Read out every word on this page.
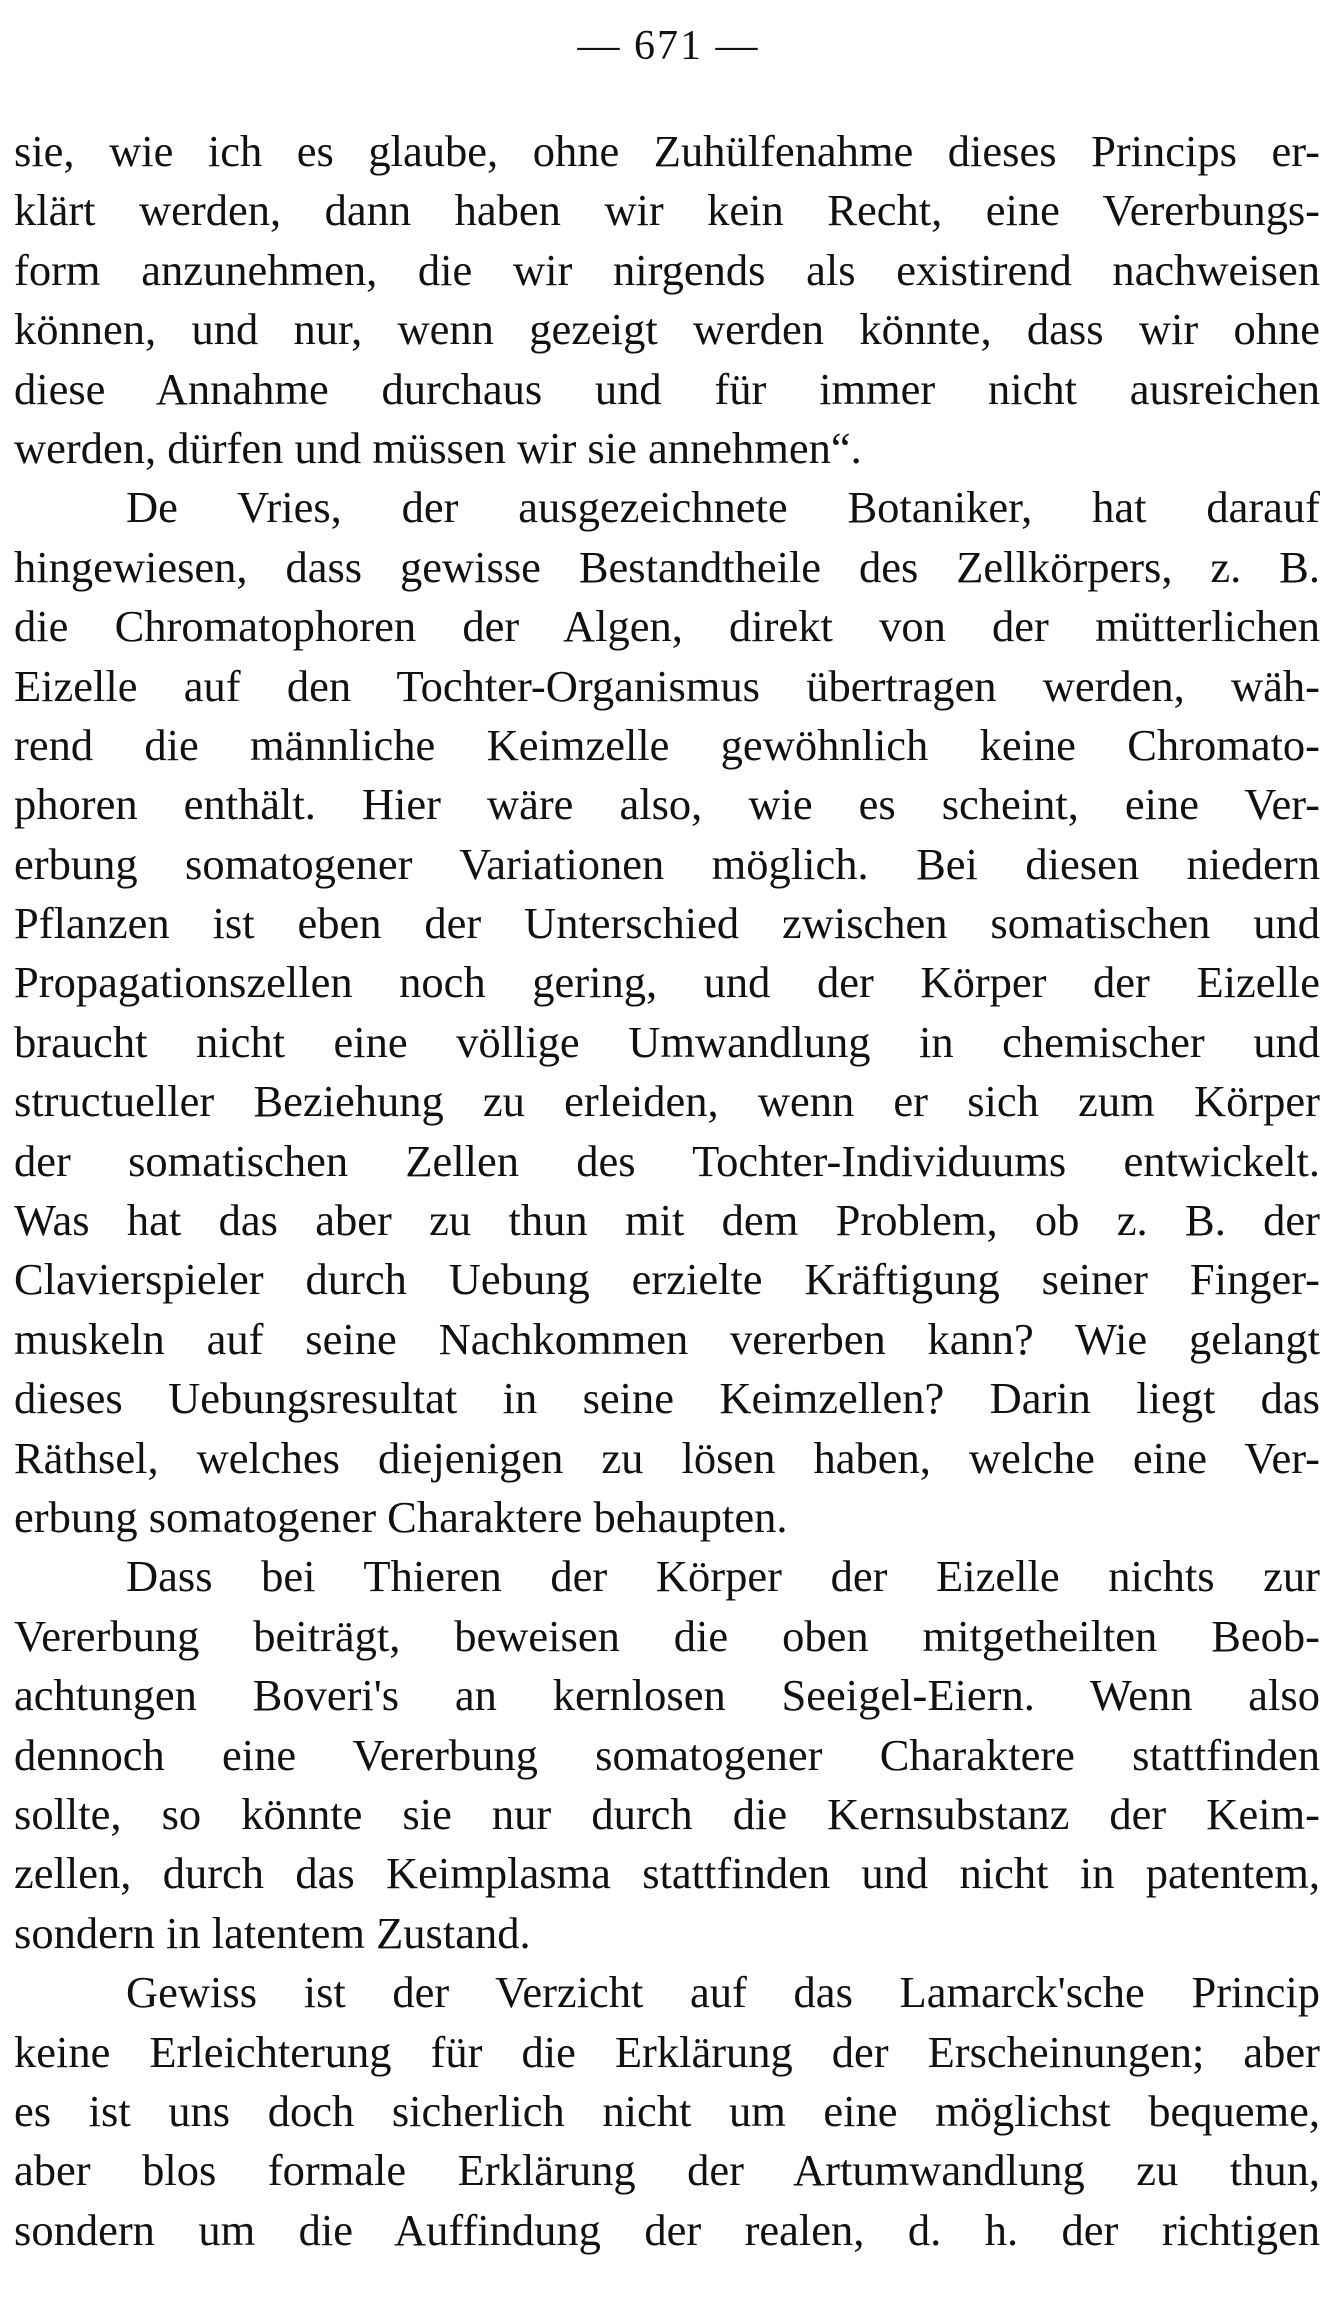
— 671 —
sie, wie ich es glaube, ohne Zuhülfenahme dieses Princips er-
klärt werden, dann haben wir kein Recht, eine Vererbungs-
form anzunehmen, die wir nirgends als existirend nachweisen
können, und nur, wenn gezeigt werden könnte, dass wir ohne
diese Annahme durchaus und für immer nicht ausreichen
werden, dürfen und müssen wir sie annehmen“.
De Vries, der ausgezeichnete Botaniker, hat darauf
hingewiesen, dass gewisse Bestandtheile des Zellkörpers, z. B.
die Chromatophoren der Algen, direkt von der mütterlichen
Eizelle auf den Tochter-Organismus übertragen werden, wäh-
rend die männliche Keimzelle gewöhnlich keine Chromato-
phoren enthält. Hier wäre also, wie es scheint, eine Ver-
erbung somatogener Variationen möglich. Bei diesen niedern
Pflanzen ist eben der Unterschied zwischen somatischen und
Propagationszellen noch gering, und der Körper der Eizelle
braucht nicht eine völlige Umwandlung in chemischer und
structueller Beziehung zu erleiden, wenn er sich zum Körper
der somatischen Zellen des Tochter-Individuums entwickelt.
Was hat das aber zu thun mit dem Problem, ob z. B. der
Clavierspieler durch Uebung erzielte Kräftigung seiner Finger-
muskeln auf seine Nachkommen vererben kann? Wie gelangt
dieses Uebungsresultat in seine Keimzellen? Darin liegt das
Räthsel, welches diejenigen zu lösen haben, welche eine Ver-
erbung somatogener Charaktere behaupten.
Dass bei Thieren der Körper der Eizelle nichts zur
Vererbung beiträgt, beweisen die oben mitgetheilten Beob-
achtungen Boveri's an kernlosen Seeigel-Eiern. Wenn also
dennoch eine Vererbung somatogener Charaktere stattfinden
sollte, so könnte sie nur durch die Kernsubstanz der Keim-
zellen, durch das Keimplasma stattfinden und nicht in patentem,
sondern in latentem Zustand.
Gewiss ist der Verzicht auf das Lamarck'sche Princip
keine Erleichterung für die Erklärung der Erscheinungen; aber
es ist uns doch sicherlich nicht um eine möglichst bequeme,
aber blos formale Erklärung der Artumwandlung zu thun,
sondern um die Auffindung der realen, d. h. der richtigen
